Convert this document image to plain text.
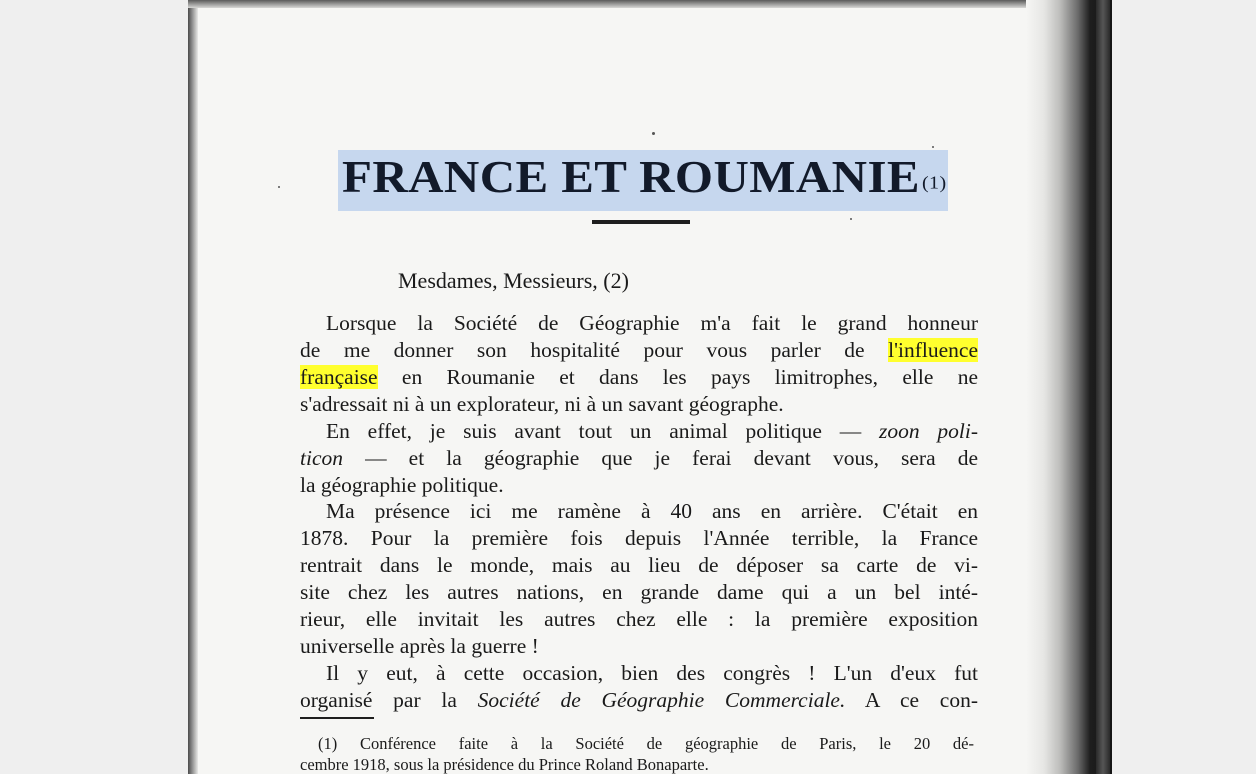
FRANCE ET ROUMANIE $^{(1)}$
Mesdames, Messieurs, (2)
Lorsque la Société de Géographie m'a fait le grand honneur
de me donner son hospitalité pour vous parler de l'influence
française en Roumanie et dans les pays limitrophes, elle ne
s'adressait ni à un explorateur, ni à un savant géographe.
En effet, je suis avant tout un animal politique — zoon poli-
ticon — et la géographie que je ferai devant vous, sera de
la géographie politique.
Ma présence ici me ramène à 40 ans en arrière. C'était en
1878. Pour la première fois depuis l'Année terrible, la France
rentrait dans le monde, mais au lieu de déposer sa carte de vi-
site chez les autres nations, en grande dame qui a un bel inté-
rieur, elle invitait les autres chez elle : la première exposition
universelle après la guerre !
Il y eut, à cette occasion, bien des congrès ! L'un d'eux fut
organisé par la Société de Géographie Commerciale. A ce con-
(1) Conférence faite à la Société de géographie de Paris, le 20 dé-
cembre 1918, sous la présidence du Prince Roland Bonaparte.
